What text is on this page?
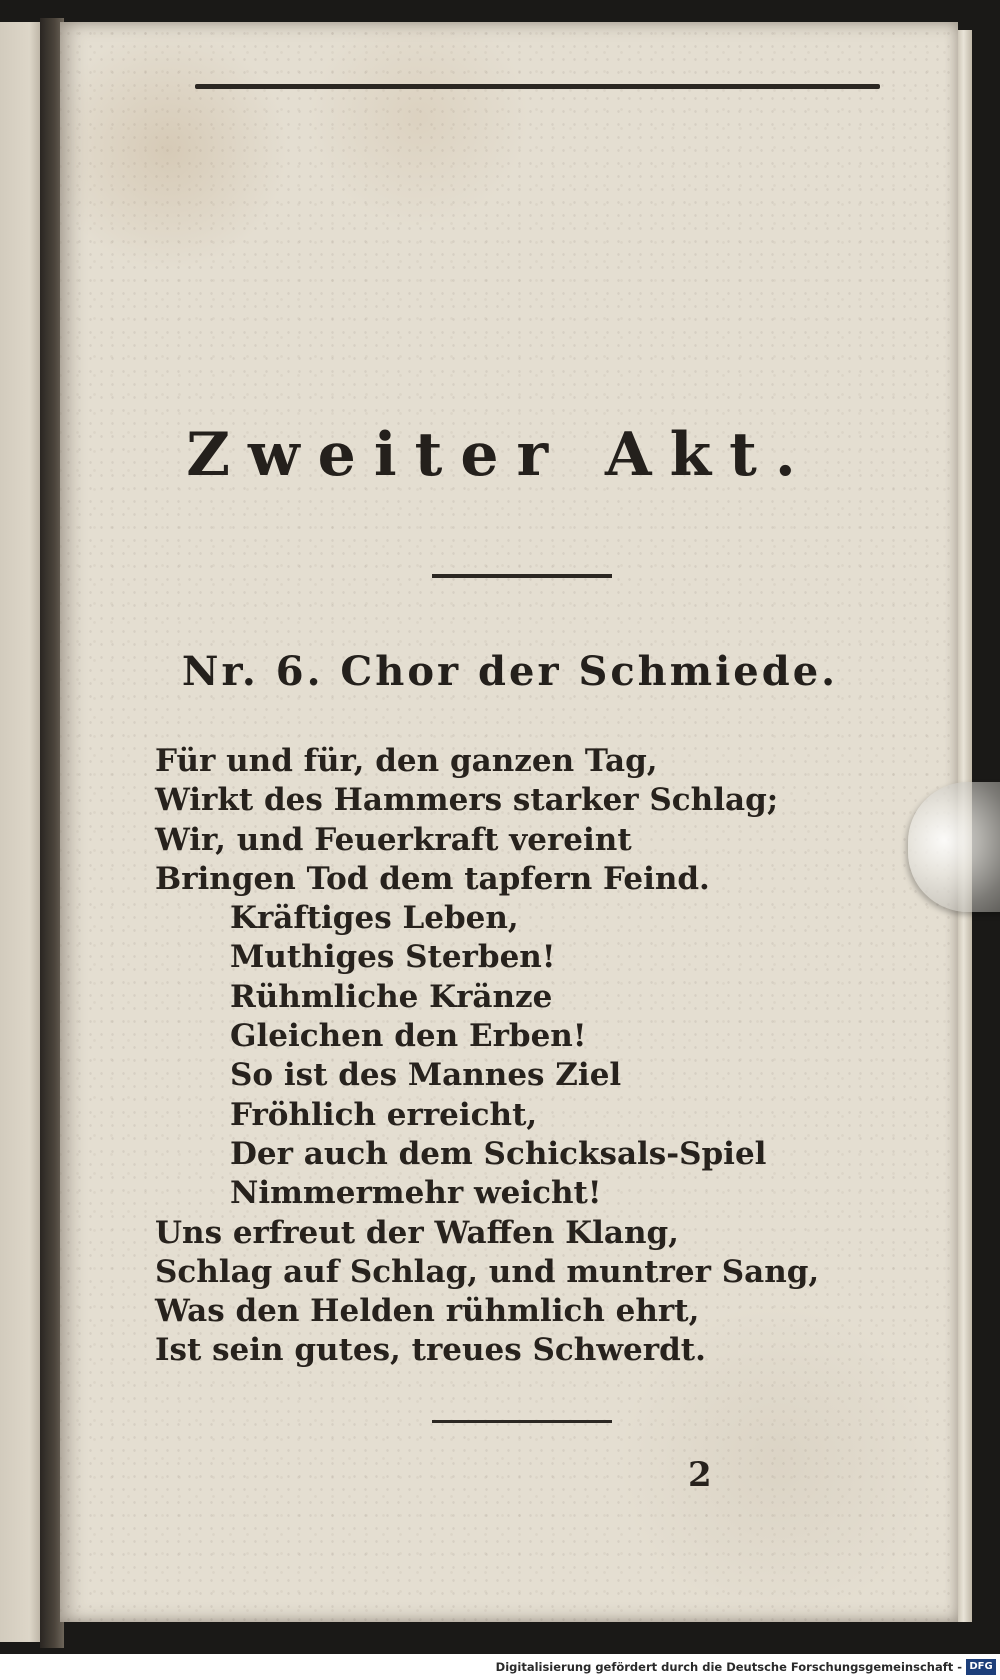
Zweiter Akt.
Nr. 6. Chor der Schmiede.
Für und für, den ganzen Tag,
Wirkt des Hammers starker Schlag;
Wir, und Feuerkraft vereint
Bringen Tod dem tapfern Feind.
Kräftiges Leben,
Muthiges Sterben!
Rühmliche Kränze
Gleichen den Erben!
So ist des Mannes Ziel
Fröhlich erreicht,
Der auch dem Schicksals-Spiel
Nimmermehr weicht!
Uns erfreut der Waffen Klang,
Schlag auf Schlag, und muntrer Sang,
Was den Helden rühmlich ehrt,
Ist sein gutes, treues Schwerdt.
2
Digitalisierung gefördert durch die Deutsche Forschungsgemeinschaft - DFG
